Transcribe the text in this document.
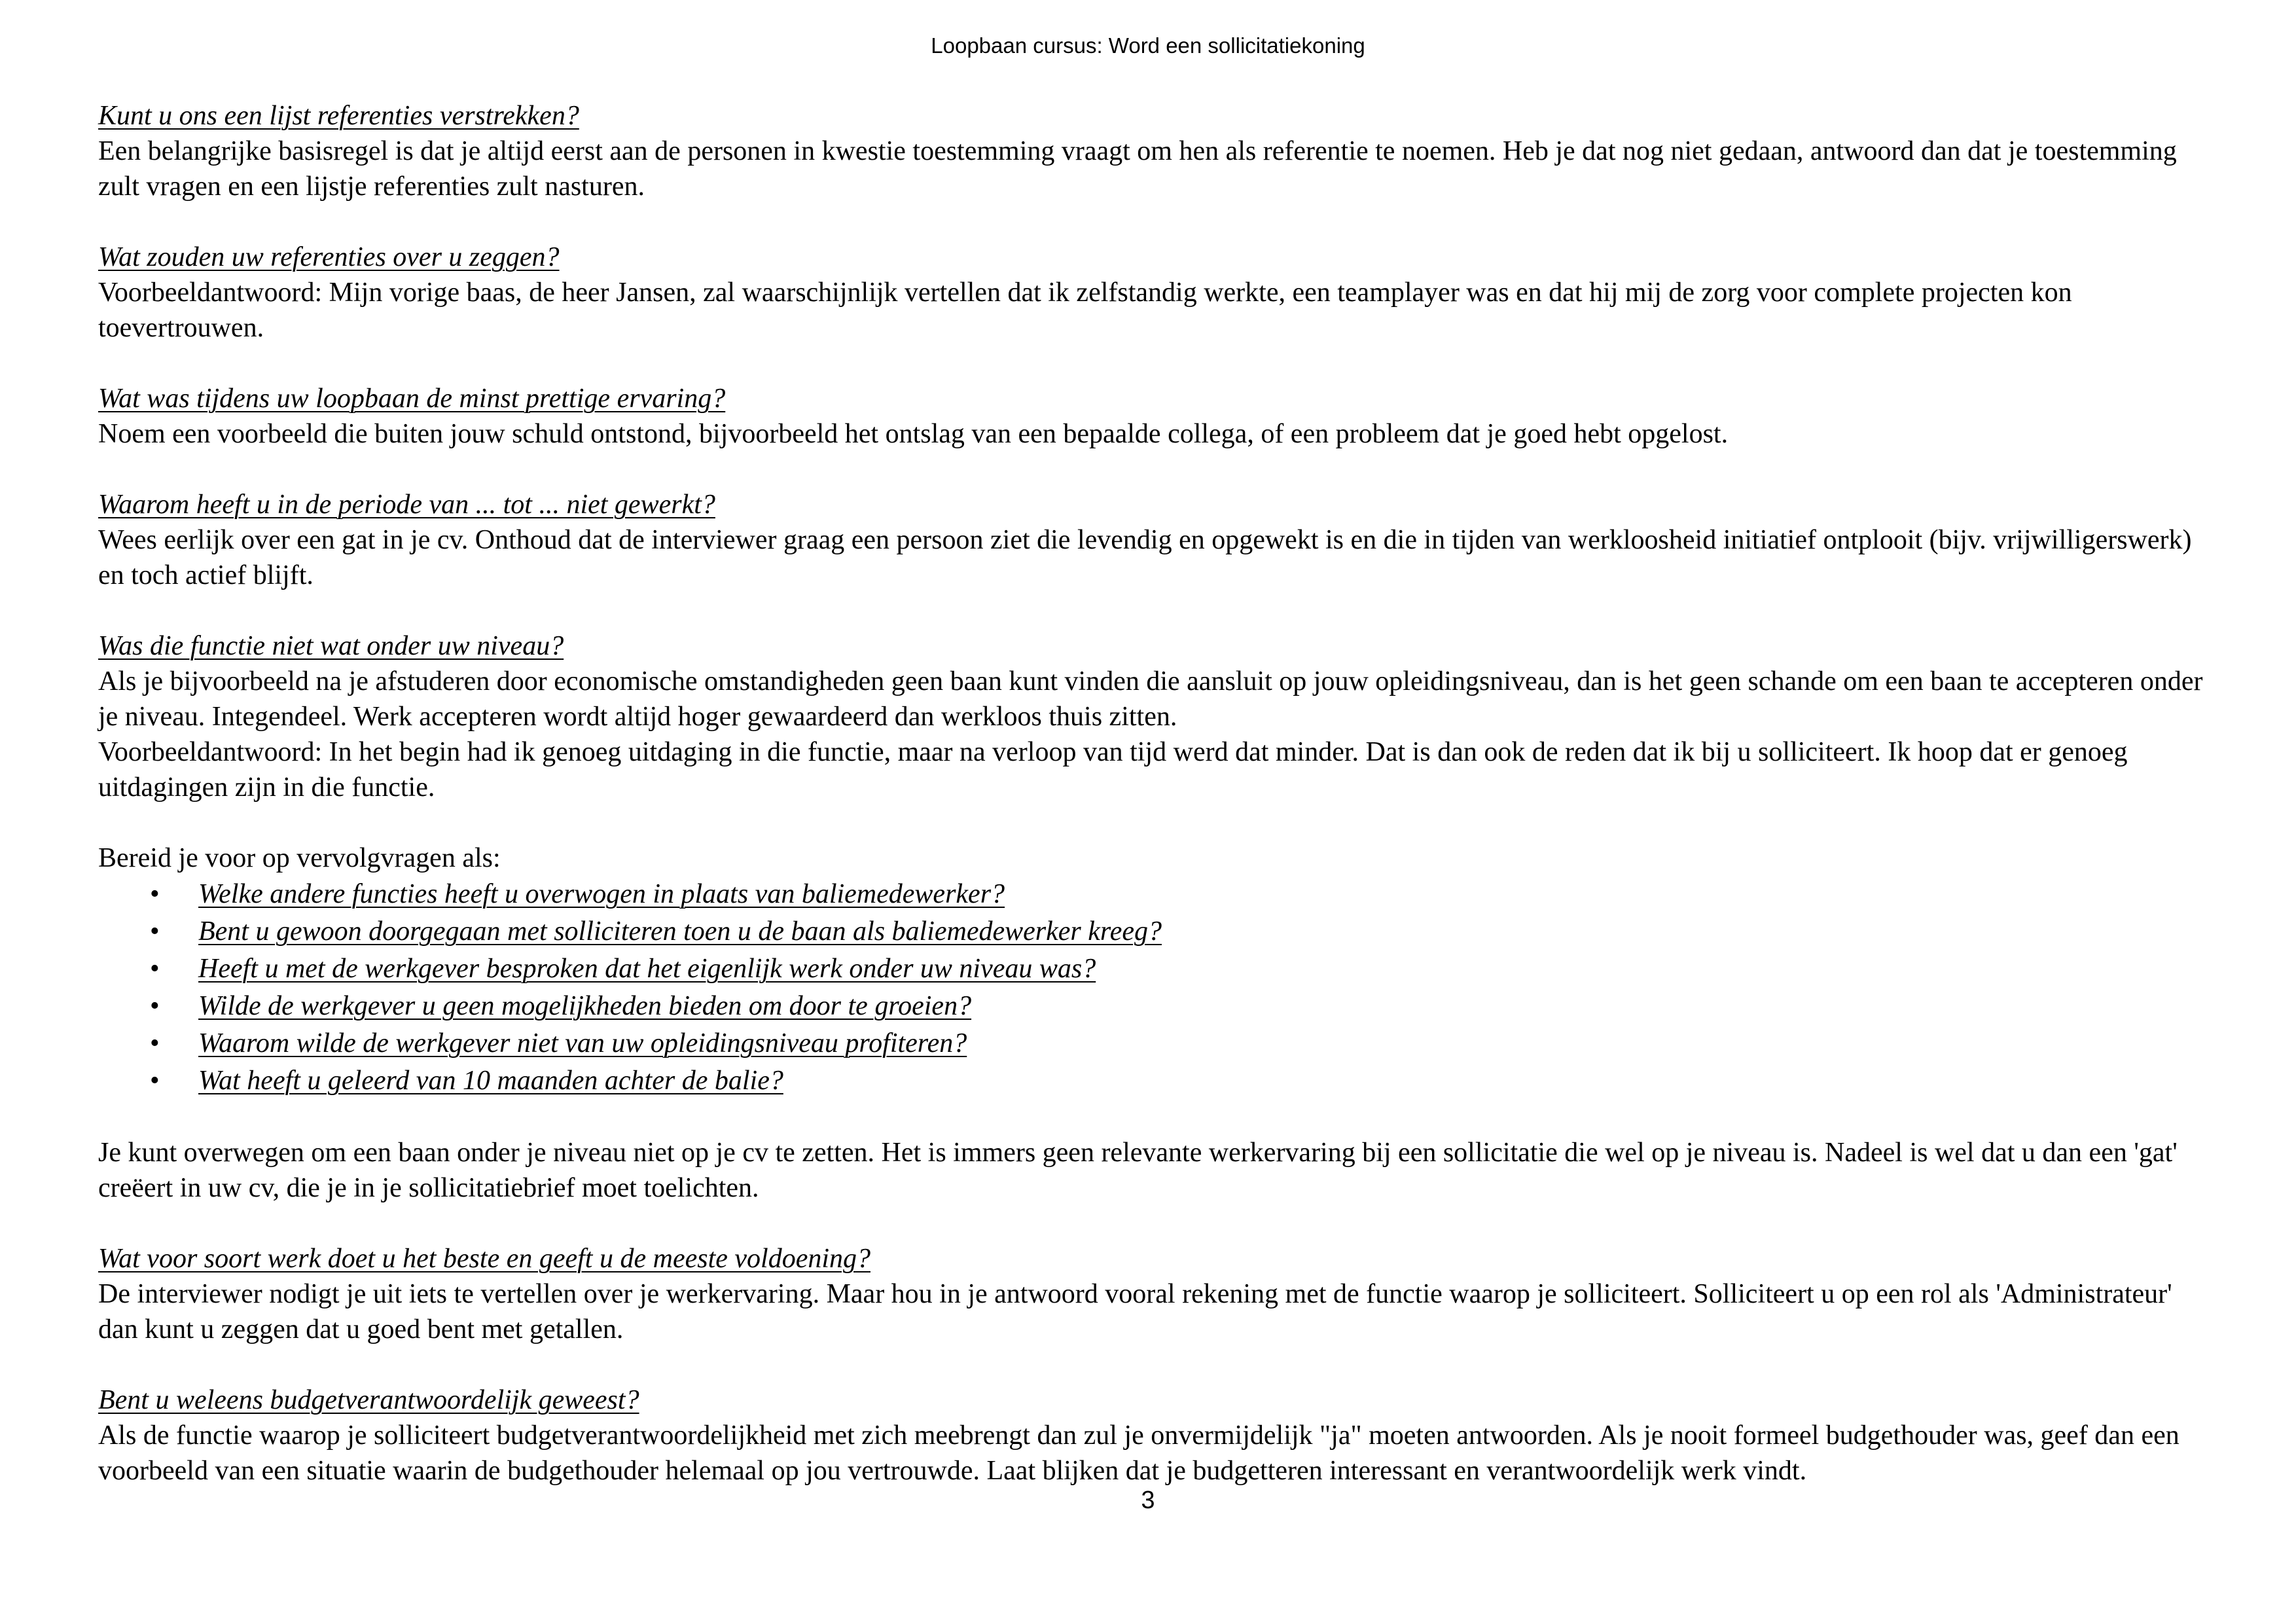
Loopbaan cursus: Word een sollicitatiekoning
Kunt u ons een lijst referenties verstrekken?

Een belangrijke basisregel is dat je altijd eerst aan de personen in kwestie toestemming vraagt om hen als referentie te noemen. Heb je dat nog niet gedaan, antwoord dan dat je toestemming zult vragen en een lijstje referenties zult nasturen.

Wat zouden uw referenties over u zeggen?

Voorbeeldantwoord: Mijn vorige baas, de heer Jansen, zal waarschijnlijk vertellen dat ik zelfstandig werkte, een teamplayer was en dat hij mij de zorg voor complete projecten kon toevertrouwen.

Wat was tijdens uw loopbaan de minst prettige ervaring?

Noem een voorbeeld die buiten jouw schuld ontstond, bijvoorbeeld het ontslag van een bepaalde collega, of een probleem dat je goed hebt opgelost.

Waarom heeft u in de periode van ... tot ... niet gewerkt?

Wees eerlijk over een gat in je cv. Onthoud dat de interviewer graag een persoon ziet die levendig en opgewekt is en die in tijden van werkloosheid initiatief ontplooit (bijv. vrijwilligerswerk) en toch actief blijft.

Was die functie niet wat onder uw niveau?

Als je bijvoorbeeld na je afstuderen door economische omstandigheden geen baan kunt vinden die aansluit op jouw opleidingsniveau, dan is het geen schande om een baan te accepteren onder je niveau. Integendeel. Werk accepteren wordt altijd hoger gewaardeerd dan werkloos thuis zitten.

Voorbeeldantwoord: In het begin had ik genoeg uitdaging in die functie, maar na verloop van tijd werd dat minder. Dat is dan ook de reden dat ik bij u solliciteert. Ik hoop dat er genoeg uitdagingen zijn in die functie.

Bereid je voor op vervolgvragen als:

• Welke andere functies heeft u overwogen in plaats van baliemedewerker?
• Bent u gewoon doorgegaan met solliciteren toen u de baan als baliemedewerker kreeg?
• Heeft u met de werkgever besproken dat het eigenlijk werk onder uw niveau was?
• Wilde de werkgever u geen mogelijkheden bieden om door te groeien?
• Waarom wilde de werkgever niet van uw opleidingsniveau profiteren?
• Wat heeft u geleerd van 10 maanden achter de balie?

Je kunt overwegen om een baan onder je niveau niet op je cv te zetten. Het is immers geen relevante werkervaring bij een sollicitatie die wel op je niveau is. Nadeel is wel dat u dan een 'gat' creëert in uw cv, die je in je sollicitatiebrief moet toelichten.

Wat voor soort werk doet u het beste en geeft u de meeste voldoening?

De interviewer nodigt je uit iets te vertellen over je werkervaring. Maar hou in je antwoord vooral rekening met de functie waarop je solliciteert. Solliciteert u op een rol als 'Administrateur' dan kunt u zeggen dat u goed bent met getallen.

Bent u weleens budgetverantwoordelijk geweest?

Als de functie waarop je solliciteert budgetverantwoordelijkheid met zich meebrengt dan zul je onvermijdelijk "ja" moeten antwoorden. Als je nooit formeel budgethouder was, geef dan een voorbeeld van een situatie waarin de budgethouder helemaal op jou vertrouwde. Laat blijken dat je budgetteren interessant en verantwoordelijk werk vindt.

3
